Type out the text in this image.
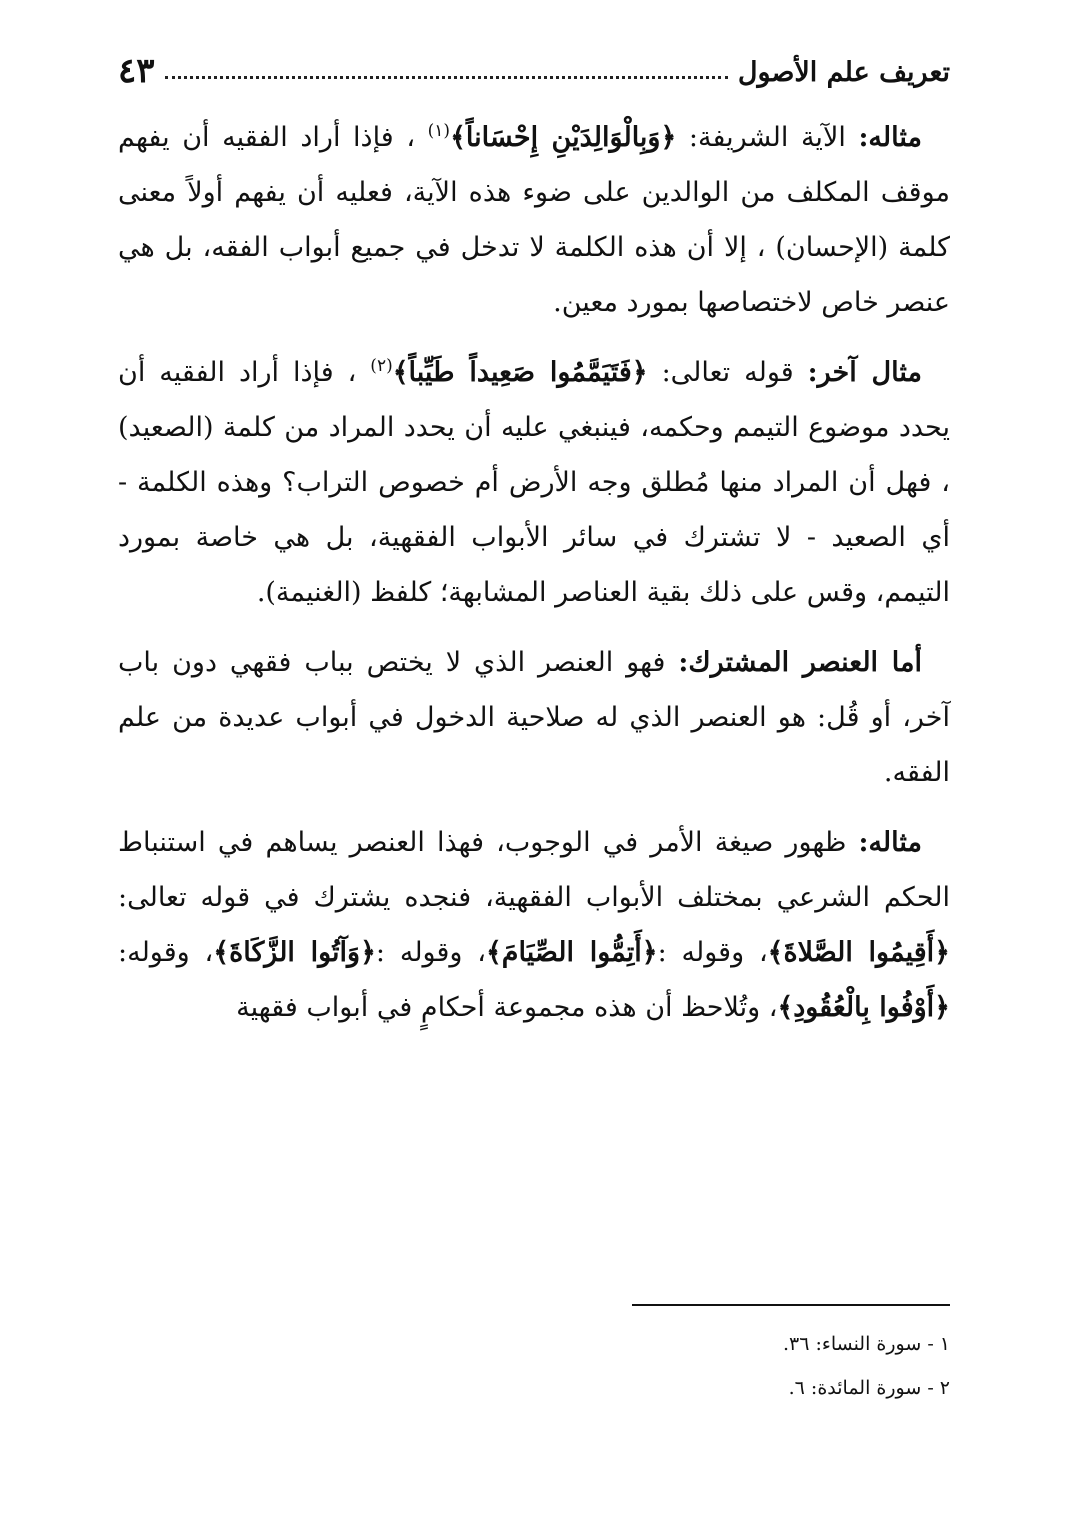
تعريف علم الأصول
٤٣

مثاله: الآية الشريفة: ﴿وَبِالْوَالِدَيْنِ إِحْسَاناً﴾$^{(١)}$ ، فإذا أراد الفقيه أن يفهم موقف المكلف من الوالدين على ضوء هذه الآية، فعليه أن يفهم أولاً معنى كلمة (الإحسان) ، إلا أن هذه الكلمة لا تدخل في جميع أبواب الفقه، بل هي عنصر خاص لاختصاصها بمورد معين.

مثال آخر: قوله تعالى: ﴿فَتَيَمَّمُوا صَعِيداً طَيِّباً﴾$^{(٢)}$ ، فإذا أراد الفقيه أن يحدد موضوع التيمم وحكمه، فينبغي عليه أن يحدد المراد من كلمة (الصعيد) ، فهل أن المراد منها مُطلق وجه الأرض أم خصوص التراب؟ وهذه الكلمة - أي الصعيد - لا تشترك في سائر الأبواب الفقهية، بل هي خاصة بمورد التيمم، وقس على ذلك بقية العناصر المشابهة؛ كلفظ (الغنيمة).

أما العنصر المشترك: فهو العنصر الذي لا يختص بباب فقهي دون باب آخر، أو قُل: هو العنصر الذي له صلاحية الدخول في أبواب عديدة من علم الفقه.

مثاله: ظهور صيغة الأمر في الوجوب، فهذا العنصر يساهم في استنباط الحكم الشرعي بمختلف الأبواب الفقهية، فنجده يشترك في قوله تعالى:﴿أَقِيمُوا الصَّلاةَ﴾، وقوله :﴿أَتِمُّوا الصِّيَامَ﴾، وقوله :﴿وَآتُوا الزَّكَاةَ﴾، وقوله:﴿أَوْفُوا بِالْعُقُودِ﴾، وتُلاحظ أن هذه مجموعة أحكامٍ في أبواب فقهية

١ - سورة النساء: ٣٦.

٢ - سورة المائدة: ٦.
